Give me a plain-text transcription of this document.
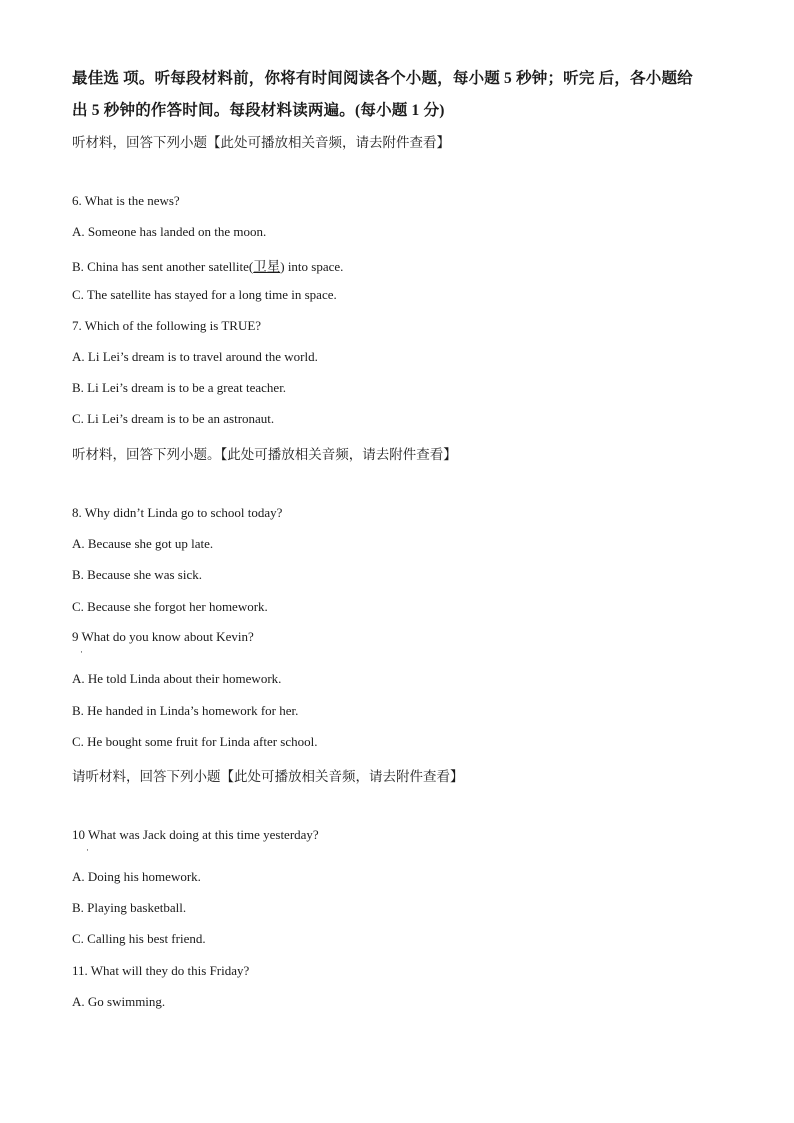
最佳选 项。听每段材料前，你将有时间阅读各个小题，每小题 5 秒钟；听完 后，各小题给
出 5 秒钟的作答时间。每段材料读两遍。(每小题 1 分)
听材料，回答下列小题【此处可播放相关音频，请去附件查看】
6. What is the news?
A. Someone has landed on the moon.
B. China has sent another satellite(卫星) into space.
C. The satellite has stayed for a long time in space.
7. Which of the following is TRUE?
A. Li Lei’s dream is to travel around the world.
B. Li Lei’s dream is to be a great teacher.
C. Li Lei’s dream is to be an astronaut.
听材料，回答下列小题。【此处可播放相关音频，请去附件查看】
8. Why didn’t Linda go to school today?
A. Because she got up late.
B. Because she was sick.
C. Because she forgot her homework.
9 What do you know about Kevin?
·
A. He told Linda about their homework.
B. He handed in Linda’s homework for her.
C. He bought some fruit for Linda after school.
请听材料，回答下列小题【此处可播放相关音频，请去附件查看】
10 What was Jack doing at this time yesterday?
·
A. Doing his homework.
B. Playing basketball.
C. Calling his best friend.
11. What will they do this Friday?
A. Go swimming.
